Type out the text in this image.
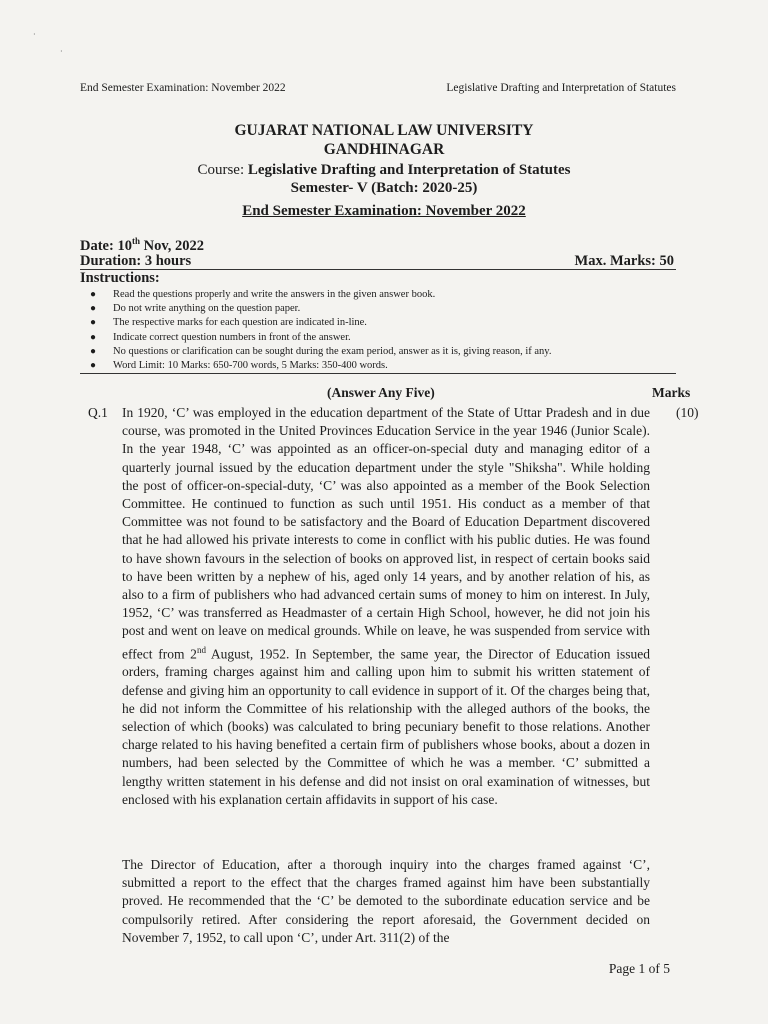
·
·
End Semester Examination: November 2022	Legislative Drafting and Interpretation of Statutes
GUJARAT NATIONAL LAW UNIVERSITY
GANDHINAGAR
Course: Legislative Drafting and Interpretation of Statutes
Semester- V (Batch: 2020-25)
End Semester Examination: November 2022
Date: 10th Nov, 2022
Duration: 3 hours	Max. Marks: 50
Instructions:
● Read the questions properly and write the answers in the given answer book.
● Do not write anything on the question paper.
● The respective marks for each question are indicated in-line.
● Indicate correct question numbers in front of the answer.
● No questions or clarification can be sought during the exam period, answer as it is, giving reason, if any.
● Word Limit: 10 Marks: 650-700 words, 5 Marks: 350-400 words.
(Answer Any Five)	Marks
Q.1	(10)

In 1920, ‘C’ was employed in the education department of the State of Uttar Pradesh and in due course, was promoted in the United Provinces Education Service in the year 1946 (Junior Scale). In the year 1948, ‘C’ was appointed as an officer-on-special duty and managing editor of a quarterly journal issued by the education department under the style "Shiksha". While holding the post of officer-on-special-duty, ‘C’ was also appointed as a member of the Book Selection Committee. He continued to function as such until 1951. His conduct as a member of that Committee was not found to be satisfactory and the Board of Education Department discovered that he had allowed his private interests to come in conflict with his public duties. He was found to have shown favours in the selection of books on approved list, in respect of certain books said to have been written by a nephew of his, aged only 14 years, and by another relation of his, as also to a firm of publishers who had advanced certain sums of money to him on interest. In July, 1952, ‘C’ was transferred as Headmaster of a certain High School, however, he did not join his post and went on leave on medical grounds. While on leave, he was suspended from service with effect from 2nd August, 1952. In September, the same year, the Director of Education issued orders, framing charges against him and calling upon him to submit his written statement of defense and giving him an opportunity to call evidence in support of it. Of the charges being that, he did not inform the Committee of his relationship with the alleged authors of the books, the selection of which (books) was calculated to bring pecuniary benefit to those relations. Another charge related to his having benefited a certain firm of publishers whose books, about a dozen in numbers, had been selected by the Committee of which he was a member. ‘C’ submitted a lengthy written statement in his defense and did not insist on oral examination of witnesses, but enclosed with his explanation certain affidavits in support of his case.

The Director of Education, after a thorough inquiry into the charges framed against ‘C’, submitted a report to the effect that the charges framed against him have been substantially proved. He recommended that the ‘C’ be demoted to the subordinate education service and be compulsorily retired. After considering the report aforesaid, the Government decided on November 7, 1952, to call upon ‘C’, under Art. 311(2) of the

Page 1 of 5
